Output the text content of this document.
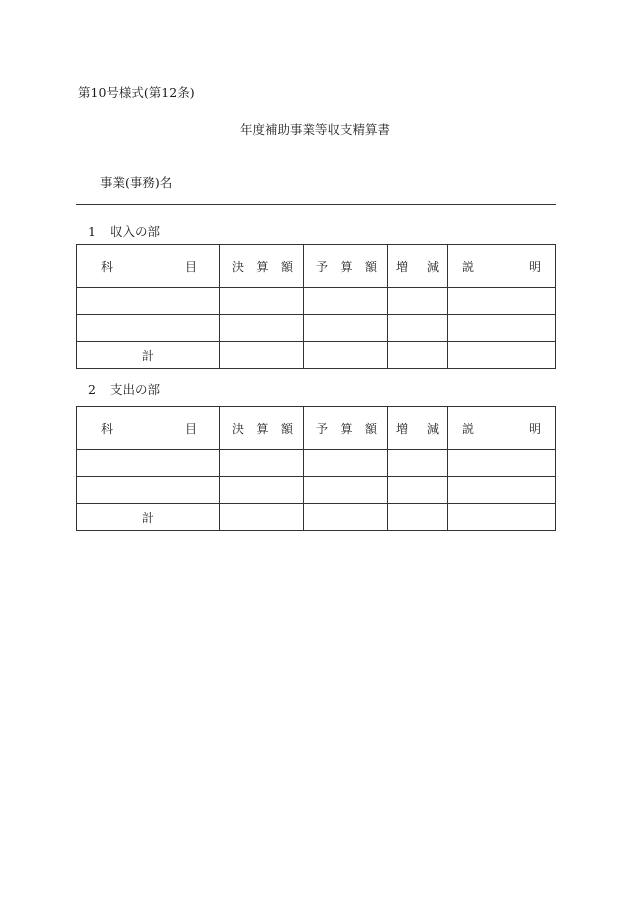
第10号様式(第12条)
年度補助事業等収支精算書
事業(事務)名
1 収入の部
科 目	決 算 額	予 算 額	増 減	説 明

計				
2 支出の部
科 目	決 算 額	予 算 額	増 減	説 明

計				
